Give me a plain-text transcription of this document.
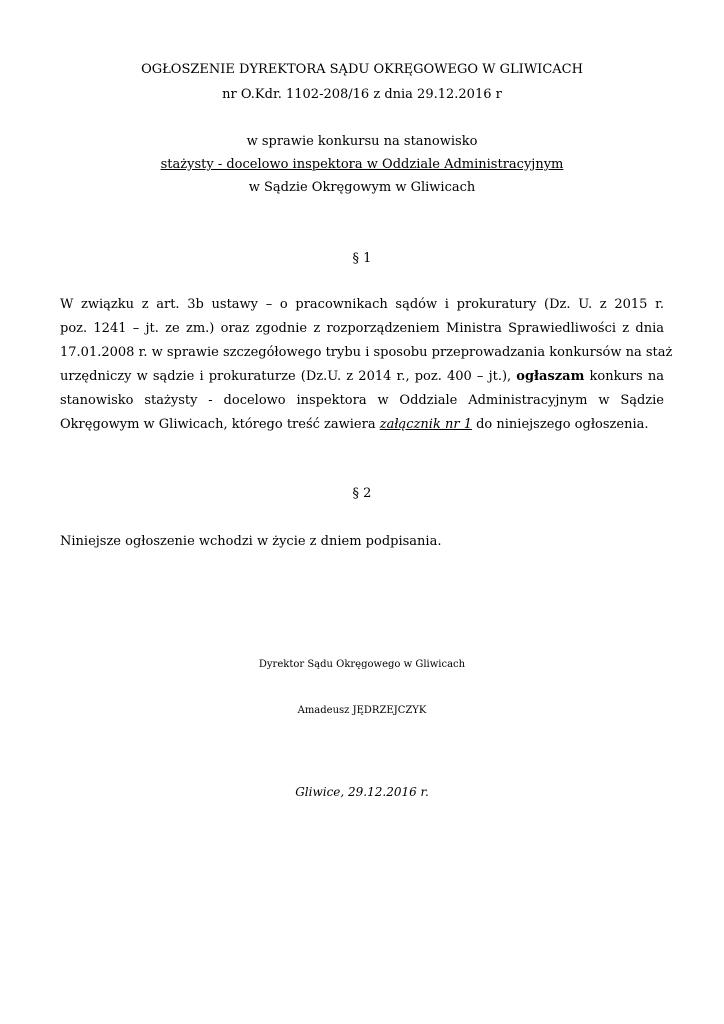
OGŁOSZENIE DYREKTORA SĄDU OKRĘGOWEGO W GLIWICACH
nr O.Kdr. 1102-208/16 z dnia 29.12.2016 r
w sprawie konkursu na stanowisko
stażysty - docelowo inspektora w Oddziale Administracyjnym
w Sądzie Okręgowym w Gliwicach
§ 1
W związku z art. 3b ustawy – o pracownikach sądów i prokuratury (Dz. U. z 2015 r.
poz. 1241 – jt. ze zm.) oraz zgodnie z rozporządzeniem Ministra Sprawiedliwości z dnia
17.01.2008 r. w sprawie szczegółowego trybu i sposobu przeprowadzania konkursów na staż
urzędniczy w sądzie i prokuraturze (Dz.U. z 2014 r., poz. 400 – jt.), ogłaszam konkurs na
stanowisko stażysty - docelowo inspektora w Oddziale Administracyjnym w Sądzie
Okręgowym w Gliwicach, którego treść zawiera załącznik nr 1 do niniejszego ogłoszenia.
§ 2
Niniejsze ogłoszenie wchodzi w życie z dniem podpisania.
Dyrektor Sądu Okręgowego w Gliwicach
Amadeusz JĘDRZEJCZYK
Gliwice, 29.12.2016 r.
